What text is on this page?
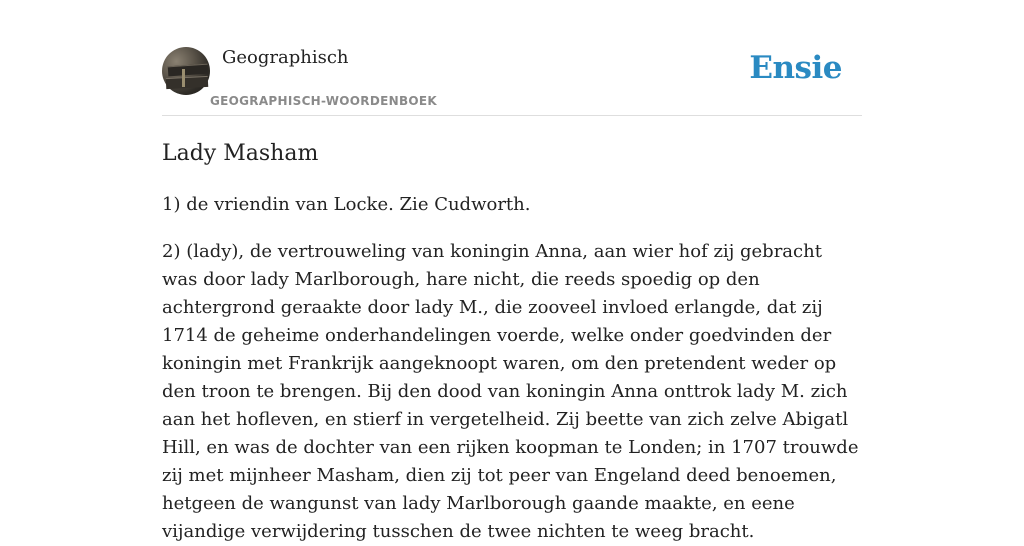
Geographisch
GEOGRAPHISCH-WOORDENBOEK
Ensie
Lady Masham

1) de vriendin van Locke. Zie Cudworth.

2) (lady), de vertrouweling van koningin Anna, aan wier hof zij gebracht was door lady Marlborough, hare nicht, die reeds spoedig op den achtergrond geraakte door lady M., die zooveel invloed erlangde, dat zij 1714 de geheime onderhandelingen voerde, welke onder goedvinden der koningin met Frankrijk aangeknoopt waren, om den pretendent weder op den troon te brengen. Bij den dood van koningin Anna onttrok lady M. zich aan het hofleven, en stierf in vergetelheid. Zij beette van zich zelve Abigatl Hill, en was de dochter van een rijken koopman te Londen; in 1707 trouwde zij met mijnheer Masham, dien zij tot peer van Engeland deed benoemen, hetgeen de wangunst van lady Marlborough gaande maakte, en eene vijandige verwijdering tusschen de twee nichten te weeg bracht.
